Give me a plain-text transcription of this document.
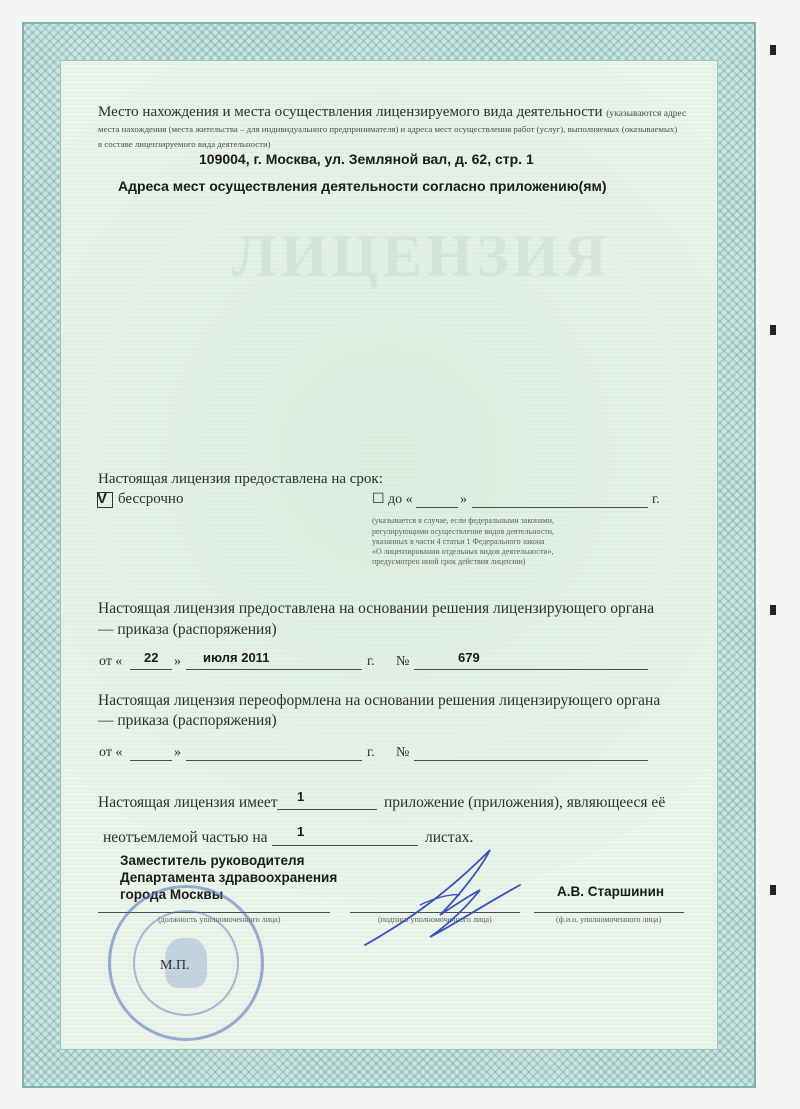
ЛИЦЕНЗИЯ
Место нахождения и места осуществления лицензируемого вида деятельности (указываются адрес
места нахождения (места жительства – для индивидуального предпринимателя) и адреса мест осуществления работ (услуг), выполняемых (оказываемых)
в составе лицензируемого вида деятельности)
109004, г. Москва, ул. Земляной вал, д. 62, стр. 1
Адреса мест осуществления деятельности согласно приложению(ям)
Настоящая лицензия предоставлена на срок:
V бессрочно	☐ до «	»	г.
(указывается в случае, если федеральными законами,
регулирующими осуществление видов деятельности,
указанных в части 4 статьи 1 Федерального закона
«О лицензировании отдельных видов деятельности»,
предусмотрен иной срок действия лицензии)
Настоящая лицензия предоставлена на основании решения лицензирующего органа
— приказа (распоряжения)
от « 22 » июля 2011	г. №	679
Настоящая лицензия переоформлена на основании решения лицензирующего органа
— приказа (распоряжения)
от «	»	г. №
Настоящая лицензия имеет 1	приложение (приложения), являющееся её
неотъемлемой частью на 1	листах.
Заместитель руководителя
Департамента здравоохранения
города Москвы	А.В. Старшинин
(должность уполномоченного лица)	(подпись уполномоченного лица)	(ф.и.о. уполномоченного лица)
М.П.
